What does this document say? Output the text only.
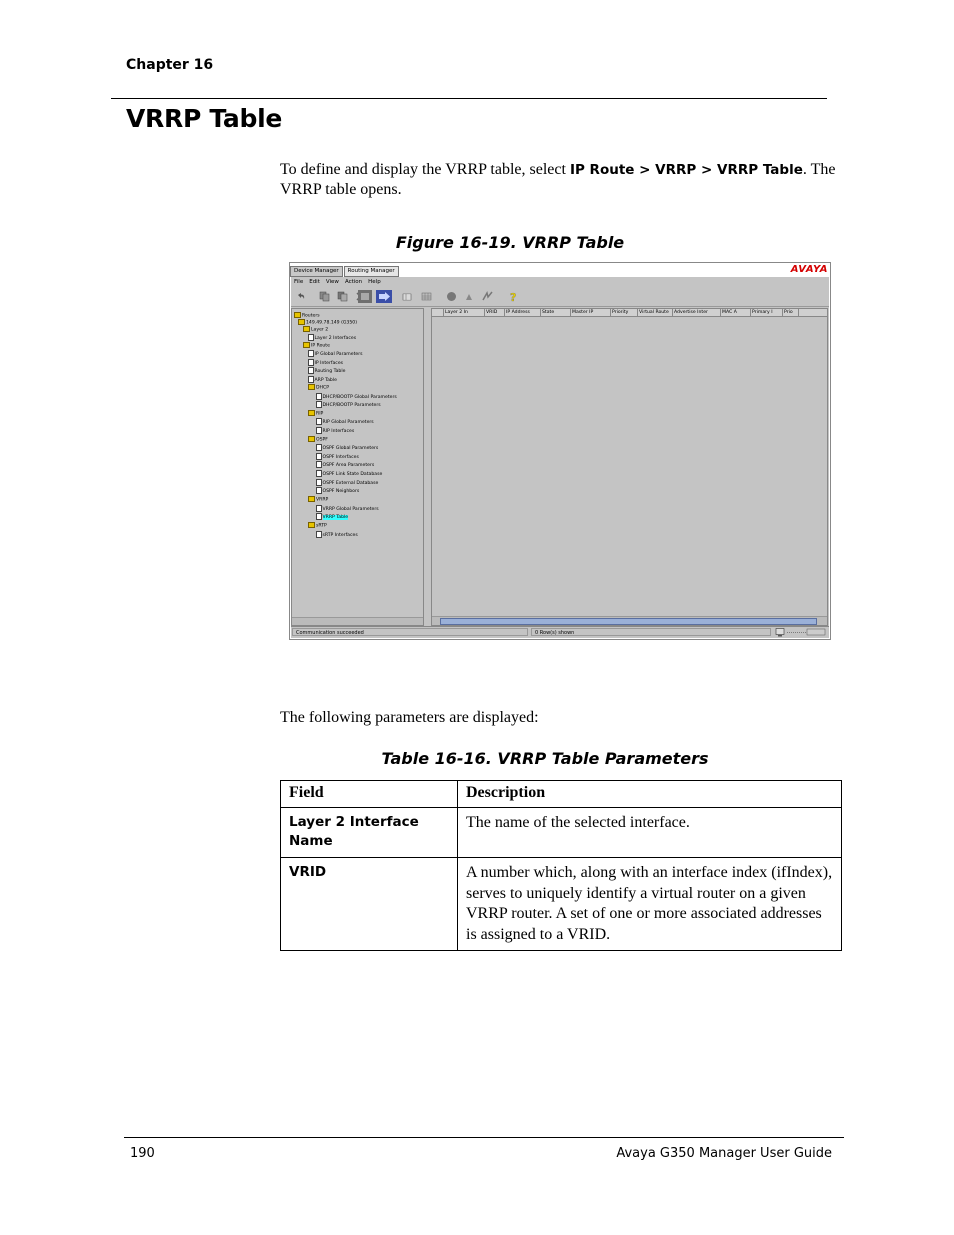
Chapter 16
VRRP Table
To define and display the VRRP table, select IP Route > VRRP > VRRP Table. The VRRP table opens.
Figure 16-19. VRRP Table
Device Manager	Routing Manager	AVAYA
File	Edit	View	Action	Help
?
Routers
149.49.78.149 (G350)
Layer 2
Layer 2 Interfaces
IP Route
IP Global Parameters
IP Interfaces
Routing Table
ARP Table
DHCP
DHCP/BOOTP Global Parameters
DHCP/BOOTP Parameters
RIP
RIP Global Parameters
RIP Interfaces
OSPF
OSPF Global Parameters
OSPF Interfaces
OSPF Area Parameters
OSPF Link State Database
OSPF External Database
OSPF Neighbors
VRRP
VRRP Global Parameters
VRRP Table
sRTP
sRTP Interfaces
Layer 2 In	VRID	IP Address	State	Master IP	Priority	Virtual Route	Advertise Inter	MAC A	Primary I	Prio
Communication succeeded	0 Row(s) shown
The following parameters are displayed:
Table 16-16. VRRP Table Parameters
Field	Description
Layer 2 Interface Name	The name of the selected interface.
VRID	A number which, along with an interface index (ifIndex), serves to uniquely identify a virtual router on a given VRRP router. A set of one or more associated addresses is assigned to a VRID.
190	Avaya G350 Manager User Guide
